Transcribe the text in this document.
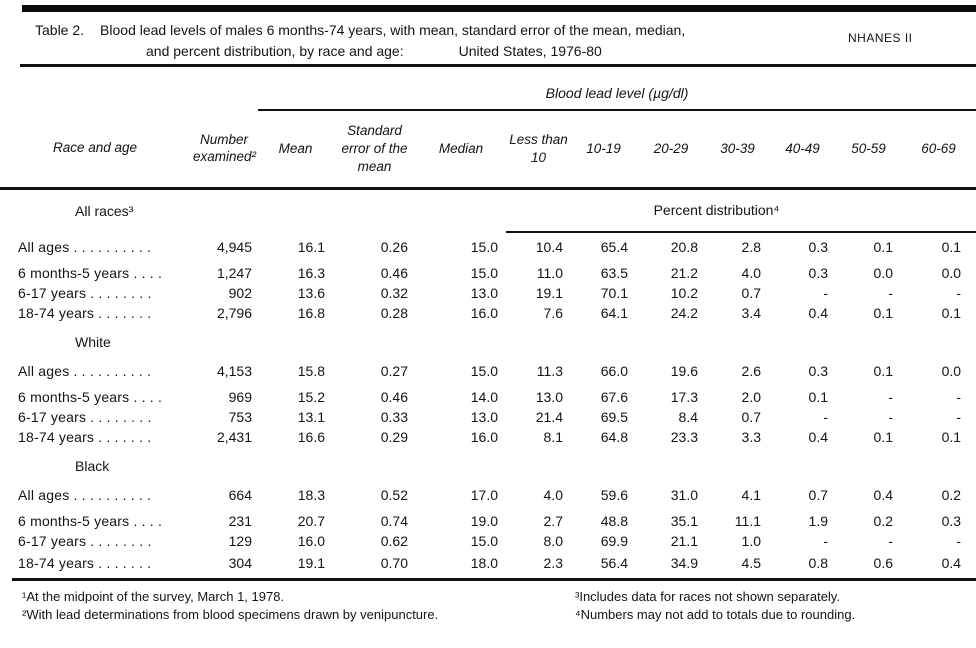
Table 2. Blood lead levels of males 6 months-74 years, with mean, standard error of the mean, median,
and percent distribution, by race and age:	United States, 1976-80
NHANES II
		Blood lead level (µg/dl)									
Race and age	Number examined²	Mean	Standard error of the mean	Median	Less than 10	10-19	20-29	30-39	40-49	50-59	60-69
All races³					Percent distribution⁴						
All ages . . . . . . . . . .	4,945	16.1	0.26	15.0	10.4	65.4	20.8	2.8	0.3	0.1	0.1
6 months-5 years . . . .	1,247	16.3	0.46	15.0	11.0	63.5	21.2	4.0	0.3	0.0	0.0
6-17 years . . . . . . . .	902	13.6	0.32	13.0	19.1	70.1	10.2	0.7	-	-	-
18-74 years . . . . . . .	2,796	16.8	0.28	16.0	7.6	64.1	24.2	3.4	0.4	0.1	0.1
White											
All ages . . . . . . . . . .	4,153	15.8	0.27	15.0	11.3	66.0	19.6	2.6	0.3	0.1	0.0
6 months-5 years . . . .	969	15.2	0.46	14.0	13.0	67.6	17.3	2.0	0.1	-	-
6-17 years . . . . . . . .	753	13.1	0.33	13.0	21.4	69.5	8.4	0.7	-	-	-
18-74 years . . . . . . .	2,431	16.6	0.29	16.0	8.1	64.8	23.3	3.3	0.4	0.1	0.1
Black											
All ages . . . . . . . . . .	664	18.3	0.52	17.0	4.0	59.6	31.0	4.1	0.7	0.4	0.2
6 months-5 years . . . .	231	20.7	0.74	19.0	2.7	48.8	35.1	11.1	1.9	0.2	0.3
6-17 years . . . . . . . .	129	16.0	0.62	15.0	8.0	69.9	21.1	1.0	-	-	-
18-74 years . . . . . . .	304	19.1	0.70	18.0	2.3	56.4	34.9	4.5	0.8	0.6	0.4
¹At the midpoint of the survey, March 1, 1978.
²With lead determinations from blood specimens drawn by venipuncture.
³Includes data for races not shown separately.
⁴Numbers may not add to totals due to rounding.
